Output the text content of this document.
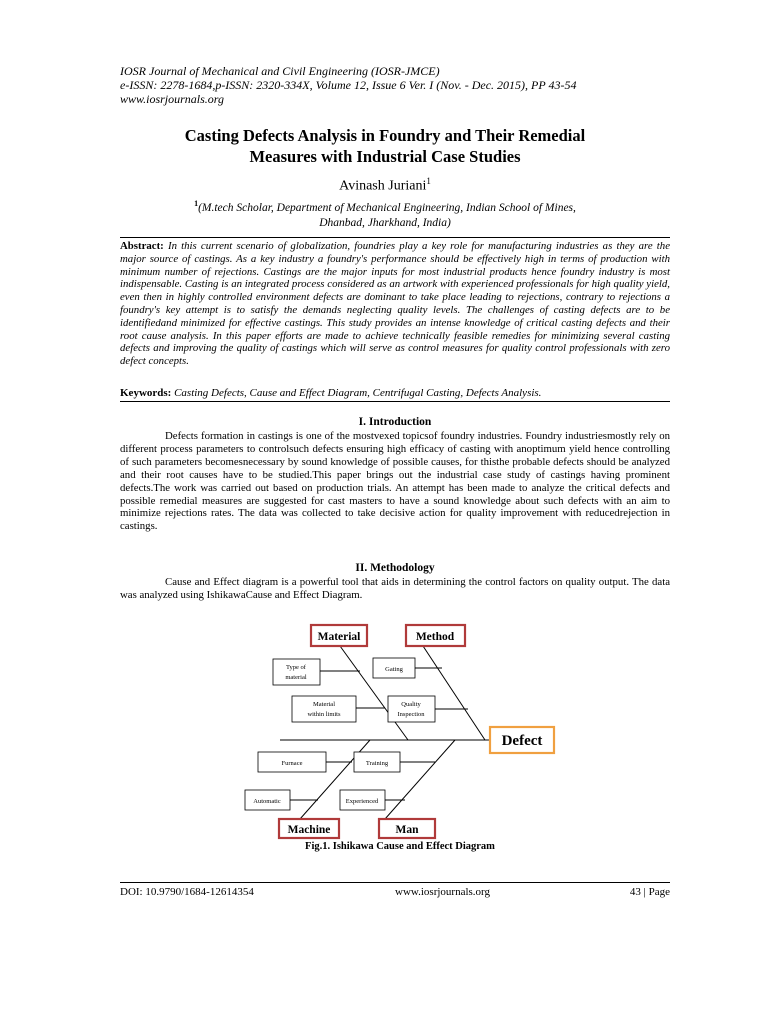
IOSR Journal of Mechanical and Civil Engineering (IOSR-JMCE)
e-ISSN: 2278-1684,p-ISSN: 2320-334X, Volume 12, Issue 6 Ver. I (Nov. - Dec. 2015), PP 43-54
www.iosrjournals.org
Casting Defects Analysis in Foundry and Their Remedial
Measures with Industrial Case Studies
Avinash Juriani$^1$
$^1$(M.tech Scholar, Department of Mechanical Engineering, Indian School of Mines,
Dhanbad, Jharkhand, India)
Abstract: In this current scenario of globalization, foundries play a key role for manufacturing industries as they are the major source of castings. As a key industry a foundry's performance should be effectively high in terms of production with minimum number of rejections. Castings are the major inputs for most industrial products hence foundry industry is most indispensable. Casting is an integrated process considered as an artwork with experienced professionals for high quality yield, even then in highly controlled environment defects are dominant to take place leading to rejections, contrary to rejections a foundry's key attempt is to satisfy the demands neglecting quality levels. The challenges of casting defects are to be identifiedand minimized for effective castings. This study provides an intense knowledge of critical casting defects and their root cause analysis. In this paper efforts are made to achieve technically feasible remedies for minimizing several casting defects and improving the quality of castings which will serve as control measures for quality control professionals with zero defect concepts.
Keywords: Casting Defects, Cause and Effect Diagram, Centrifugal Casting, Defects Analysis.
I. Introduction
Defects formation in castings is one of the mostvexed topicsof foundry industries. Foundry industriesmostly rely on different process parameters to controlsuch defects ensuring high efficacy of casting with anoptimum yield hence controlling of such parameters becomesnecessary by sound knowledge of possible causes, for thisthe probable defects should be analyzed and their root causes have to be studied.This paper brings out the industrial case study of castings having prominent defects.The work was carried out based on production trials. An attempt has been made to analyze the critical defects and possible remedial measures are suggested for cast masters to have a sound knowledge about such defects with an aim to minimize rejections rates. The data was collected to take decisive action for quality improvement with reducedrejection in castings.
II. Methodology
Cause and Effect diagram is a powerful tool that aids in determining the control factors on quality output. The data was analyzed using IshikawaCause and Effect Diagram.
Material	Method
Machine	Man
Defect
Type of
material
Material
within limits
Gating
Quality
Inspection
Furnace
Automatic
Training
Experienced
Fig.1. Ishikawa Cause and Effect Diagram
DOI: 10.9790/1684-12614354	www.iosrjournals.org	43 | Page
